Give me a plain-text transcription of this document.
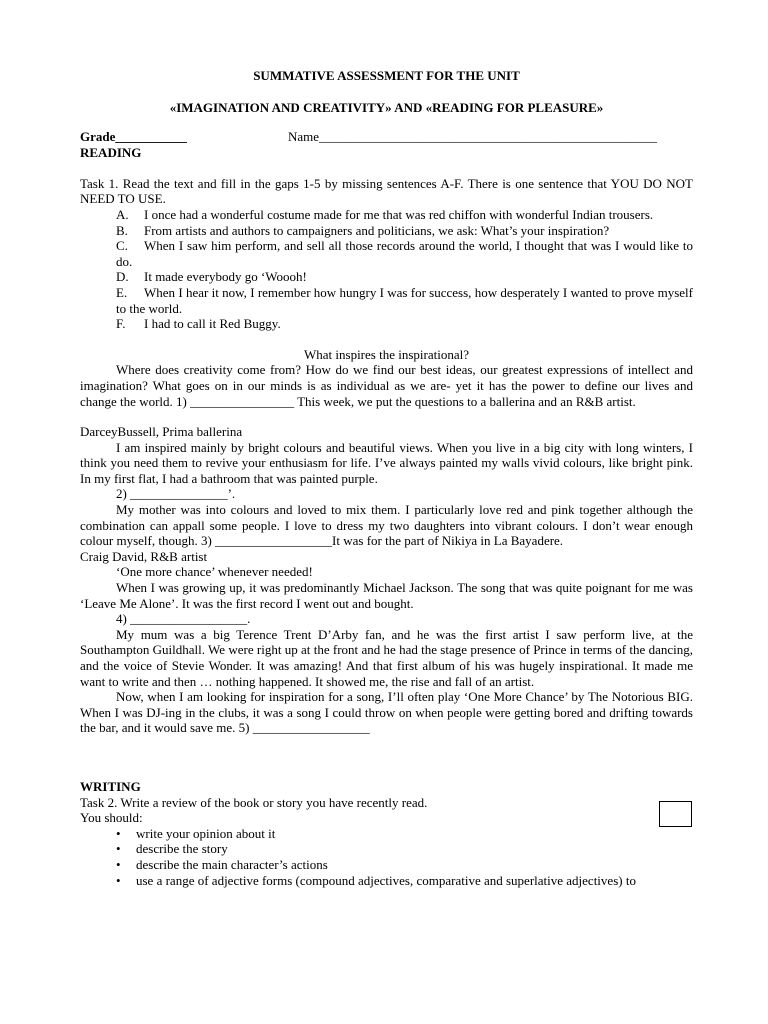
SUMMATIVE ASSESSMENT FOR THE UNIT

«IMAGINATION AND CREATIVITY» AND «READING FOR PLEASURE»

Grade___________	Name____________________________________________________

READING

Task 1. Read the text and fill in the gaps 1-5 by missing sentences A-F. There is one sentence that YOU DO NOT NEED TO USE.

A. I once had a wonderful costume made for me that was red chiffon with wonderful Indian trousers.

B. From artists and authors to campaigners and politicians, we ask: What’s your inspiration?

C. When I saw him perform, and sell all those records around the world, I thought that was I would like to do.

D. It made everybody go ‘Woooh!

E. When I hear it now, I remember how hungry I was for success, how desperately I wanted to prove myself to the world.

F. I had to call it Red Buggy.

What inspires the inspirational?

Where does creativity come from? How do we find our best ideas, our greatest expressions of intellect and imagination? What goes on in our minds is as individual as we are- yet it has the power to define our lives and change the world. 1) ________________ This week, we put the questions to a ballerina and an R&B artist.

DarceyBussell, Prima ballerina

I am inspired mainly by bright colours and beautiful views. When you live in a big city with long winters, I think you need them to revive your enthusiasm for life. I’ve always painted my walls vivid colours, like bright pink. In my first flat, I had a bathroom that was painted purple.

2) _______________’.

My mother was into colours and loved to mix them. I particularly love red and pink together although the combination can appall some people. I love to dress my two daughters into vibrant colours. I don’t wear enough colour myself, though. 3) __________________It was for the part of Nikiya in La Bayadere.

Craig David, R&B artist

‘One more chance’ whenever needed!

When I was growing up, it was predominantly Michael Jackson. The song that was quite poignant for me was ‘Leave Me Alone’. It was the first record I went out and bought.

4) __________________.

My mum was a big Terence Trent D’Arby fan, and he was the first artist I saw perform live, at the Southampton Guildhall. We were right up at the front and he had the stage presence of Prince in terms of the dancing, and the voice of Stevie Wonder. It was amazing! And that first album of his was hugely inspirational. It made me want to write and then … nothing happened. It showed me, the rise and fall of an artist.

Now, when I am looking for inspiration for a song, I’ll often play ‘One More Chance’ by The Notorious BIG. When I was DJ-ing in the clubs, it was a song I could throw on when people were getting bored and drifting towards the bar, and it would save me. 5) __________________

WRITING

Task 2. Write a review of the book or story you have recently read.

You should:

• write your opinion about it

• describe the story

• describe the main character’s actions

• use a range of adjective forms (compound adjectives, comparative and superlative adjectives) to
